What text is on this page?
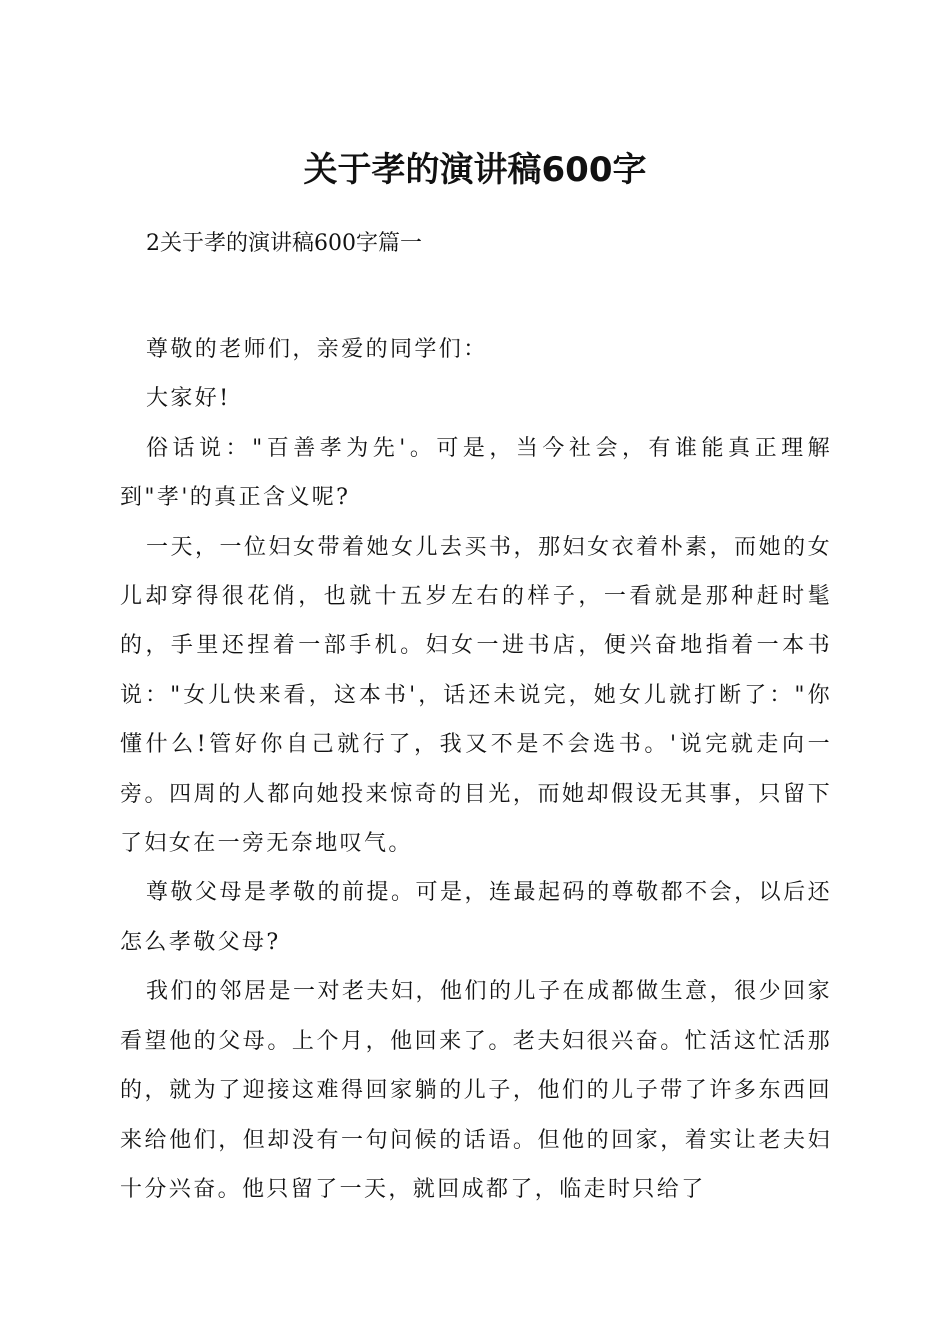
关于孝的演讲稿600字
2关于孝的演讲稿600字篇一

尊敬的老师们，亲爱的同学们：

大家好!

俗话说："百善孝为先'。可是，当今社会，有谁能真正理解到"孝'的真正含义呢?

一天，一位妇女带着她女儿去买书，那妇女衣着朴素，而她的女儿却穿得很花俏，也就十五岁左右的样子，一看就是那种赶时髦的，手里还捏着一部手机。妇女一进书店，便兴奋地指着一本书说："女儿快来看，这本书'，话还未说完，她女儿就打断了："你懂什么!管好你自己就行了，我又不是不会选书。'说完就走向一旁。四周的人都向她投来惊奇的目光，而她却假设无其事，只留下了妇女在一旁无奈地叹气。

尊敬父母是孝敬的前提。可是，连最起码的尊敬都不会，以后还怎么孝敬父母?

我们的邻居是一对老夫妇，他们的儿子在成都做生意，很少回家看望他的父母。上个月，他回来了。老夫妇很兴奋。忙活这忙活那的，就为了迎接这难得回家躺的儿子，他们的儿子带了许多东西回来给他们，但却没有一句问候的话语。但他的回家，着实让老夫妇十分兴奋。他只留了一天，就回成都了，临走时只给了
